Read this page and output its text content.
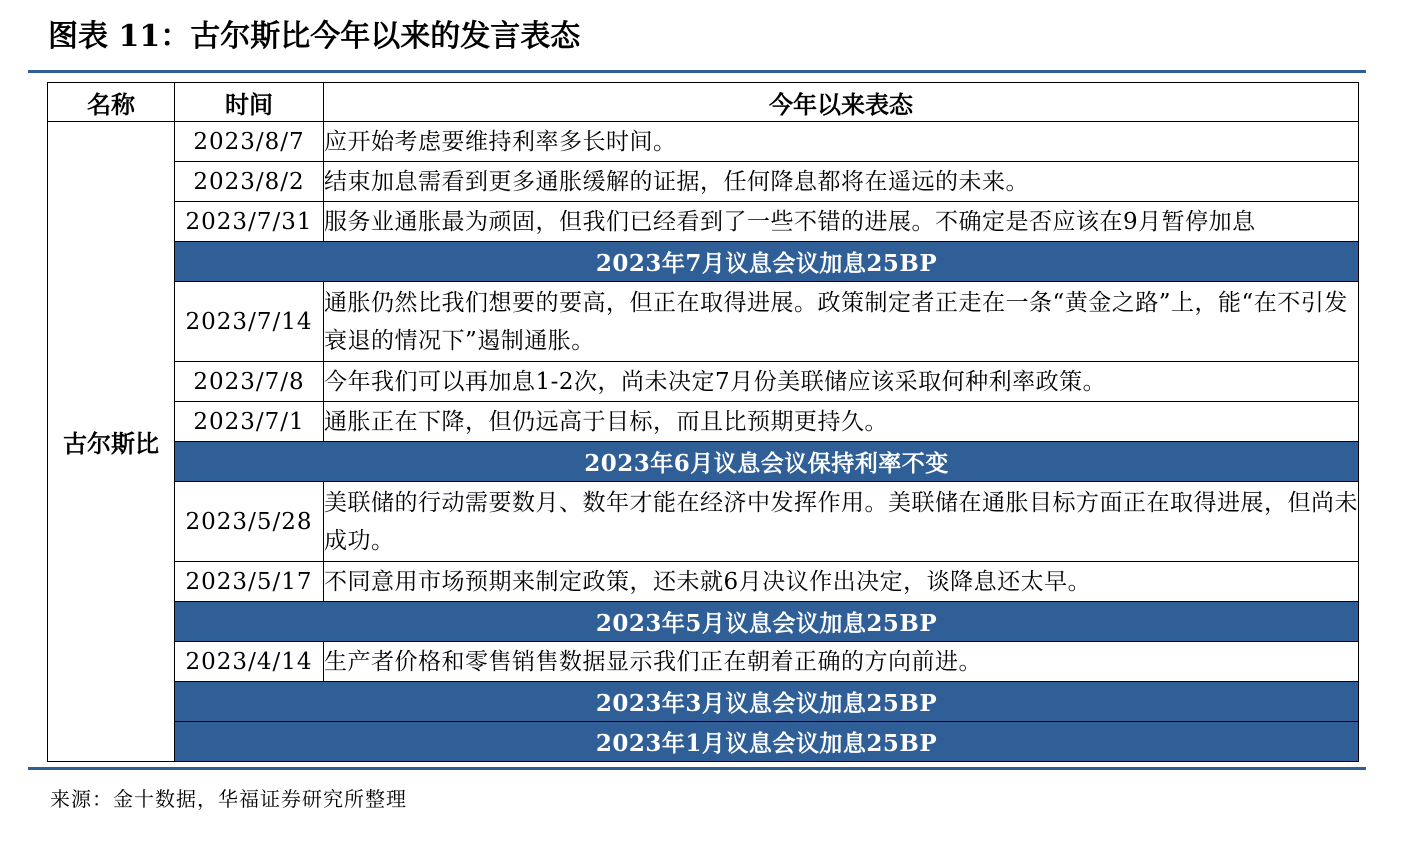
图表 11：古尔斯比今年以来的发言表态
名称	时间	今年以来表态
古尔斯比	2023/8/7	应开始考虑要维持利率多长时间。
	2023/8/2	结束加息需看到更多通胀缓解的证据，任何降息都将在遥远的未来。
	2023/7/31	服务业通胀最为顽固，但我们已经看到了一些不错的进展。不确定是否应该在9月暂停加息
	2023年7月议息会议加息25BP	
	2023/7/14	通胀仍然比我们想要的要高，但正在取得进展。政策制定者正走在一条“黄金之路”上，能“在不引发衰退的情况下”遏制通胀。
	2023/7/8	今年我们可以再加息1-2次，尚未决定7月份美联储应该采取何种利率政策。
	2023/7/1	通胀正在下降，但仍远高于目标，而且比预期更持久。
	2023年6月议息会议保持利率不变	
	2023/5/28	美联储的行动需要数月、数年才能在经济中发挥作用。美联储在通胀目标方面正在取得进展，但尚未成功。
	2023/5/17	不同意用市场预期来制定政策，还未就6月决议作出决定，谈降息还太早。
	2023年5月议息会议加息25BP	
	2023/4/14	生产者价格和零售销售数据显示我们正在朝着正确的方向前进。
	2023年3月议息会议加息25BP	
	2023年1月议息会议加息25BP	
来源：金十数据，华福证券研究所整理
